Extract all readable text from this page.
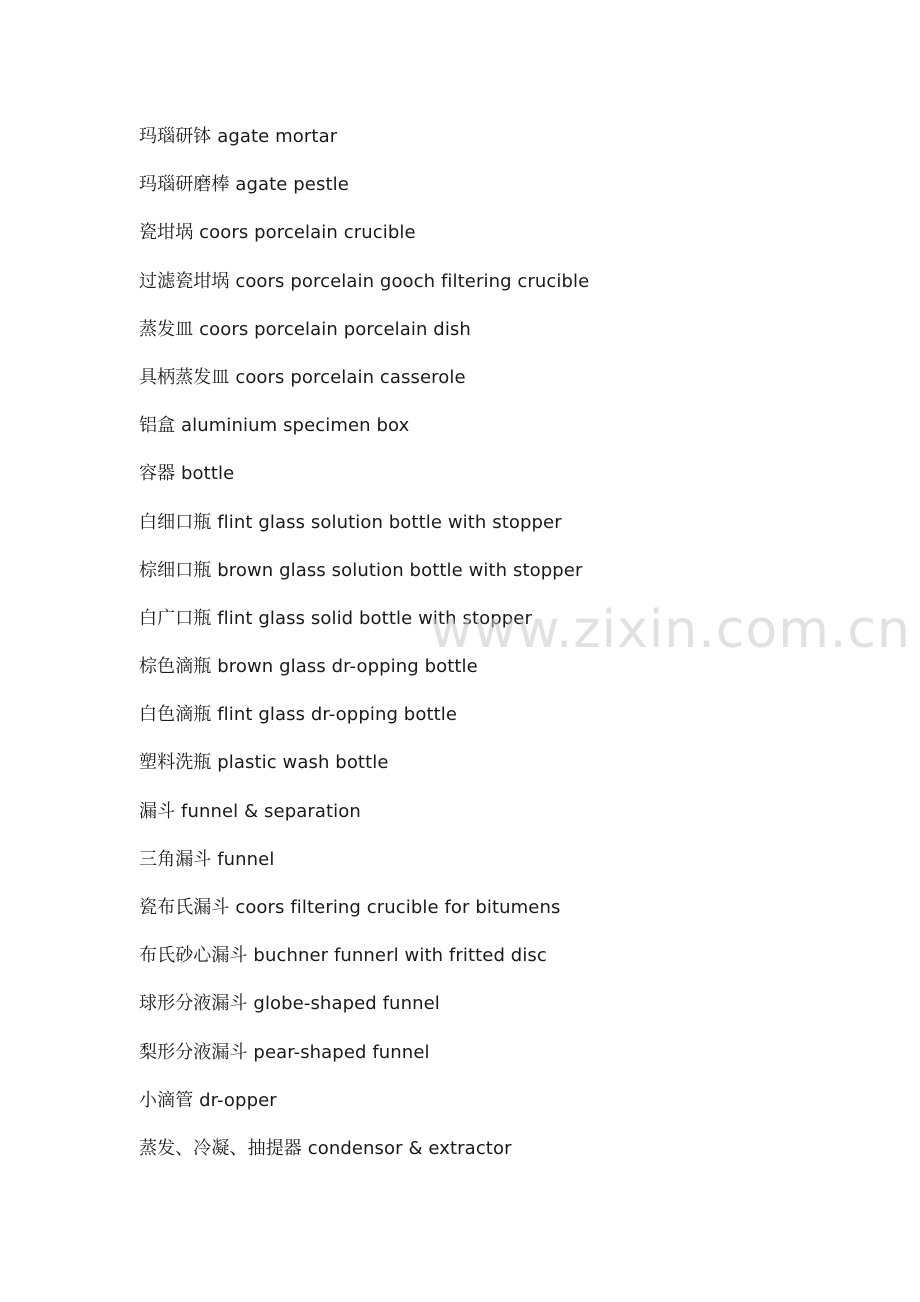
玛瑙研钵 agate mortar
玛瑙研磨棒 agate pestle
瓷坩埚 coors porcelain crucible
过滤瓷坩埚 coors porcelain gooch filtering crucible
蒸发皿 coors porcelain porcelain dish
具柄蒸发皿 coors porcelain casserole
铝盒 aluminium specimen box
容器 bottle
白细口瓶 flint glass solution bottle with stopper
棕细口瓶 brown glass solution bottle with stopper
白广口瓶 flint glass solid bottle with stopper
棕色滴瓶 brown glass dr-opping bottle
白色滴瓶 flint glass dr-opping bottle
塑料洗瓶 plastic wash bottle
漏斗 funnel & separation
三角漏斗 funnel
瓷布氏漏斗 coors filtering crucible for bitumens
布氏砂心漏斗 buchner funnerl with fritted disc
球形分液漏斗 globe-shaped funnel
梨形分液漏斗 pear-shaped funnel
小滴管 dr-opper
蒸发、冷凝、抽提器 condensor & extractor
www.zixin.com.cn
